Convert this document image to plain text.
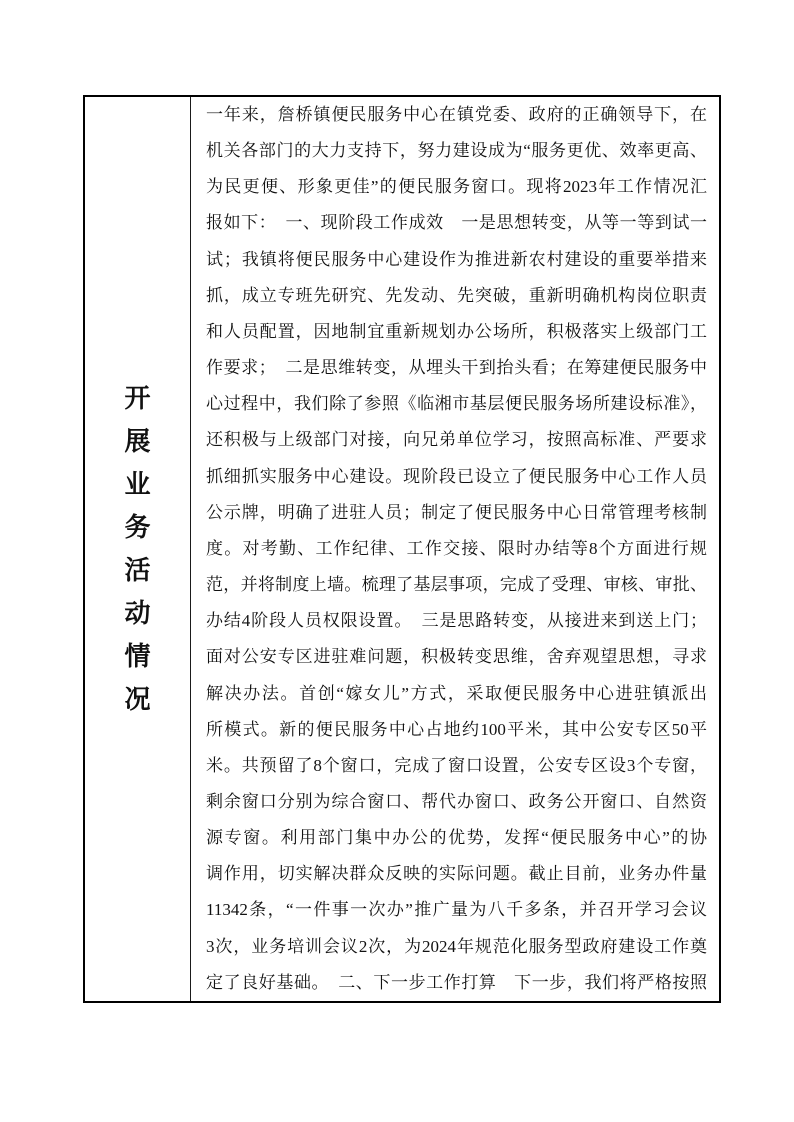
开
展
业
务
活
动
情
况
一年来，詹桥镇便民服务中心在镇党委、政府的正确领导下，在
机关各部门的大力支持下，努力建设成为“服务更优、效率更高、
为民更便、形象更佳”的便民服务窗口。现将2023年工作情况汇
报如下：　一、现阶段工作成效　一是思想转变，从等一等到试一
试；我镇将便民服务中心建设作为推进新农村建设的重要举措来
抓，成立专班先研究、先发动、先突破，重新明确机构岗位职责
和人员配置，因地制宜重新规划办公场所，积极落实上级部门工
作要求；　二是思维转变，从埋头干到抬头看；在筹建便民服务中
心过程中，我们除了参照《临湘市基层便民服务场所建设标准》，
还积极与上级部门对接，向兄弟单位学习，按照高标准、严要求
抓细抓实服务中心建设。现阶段已设立了便民服务中心工作人员
公示牌，明确了进驻人员；制定了便民服务中心日常管理考核制
度。对考勤、工作纪律、工作交接、限时办结等8个方面进行规
范，并将制度上墙。梳理了基层事项，完成了受理、审核、审批、
办结4阶段人员权限设置。　三是思路转变，从接进来到送上门；
面对公安专区进驻难问题，积极转变思维，舍弃观望思想，寻求
解决办法。首创“嫁女儿”方式，采取便民服务中心进驻镇派出
所模式。新的便民服务中心占地约100平米，其中公安专区50平
米。共预留了8个窗口，完成了窗口设置，公安专区设3个专窗，
剩余窗口分别为综合窗口、帮代办窗口、政务公开窗口、自然资
源专窗。利用部门集中办公的优势，发挥“便民服务中心”的协
调作用，切实解决群众反映的实际问题。截止目前，业务办件量
11342条，“一件事一次办”推广量为八千多条，并召开学习会议
3次，业务培训会议2次，为2024年规范化服务型政府建设工作奠
定了良好基础。　二、下一步工作打算　下一步，我们将严格按照
